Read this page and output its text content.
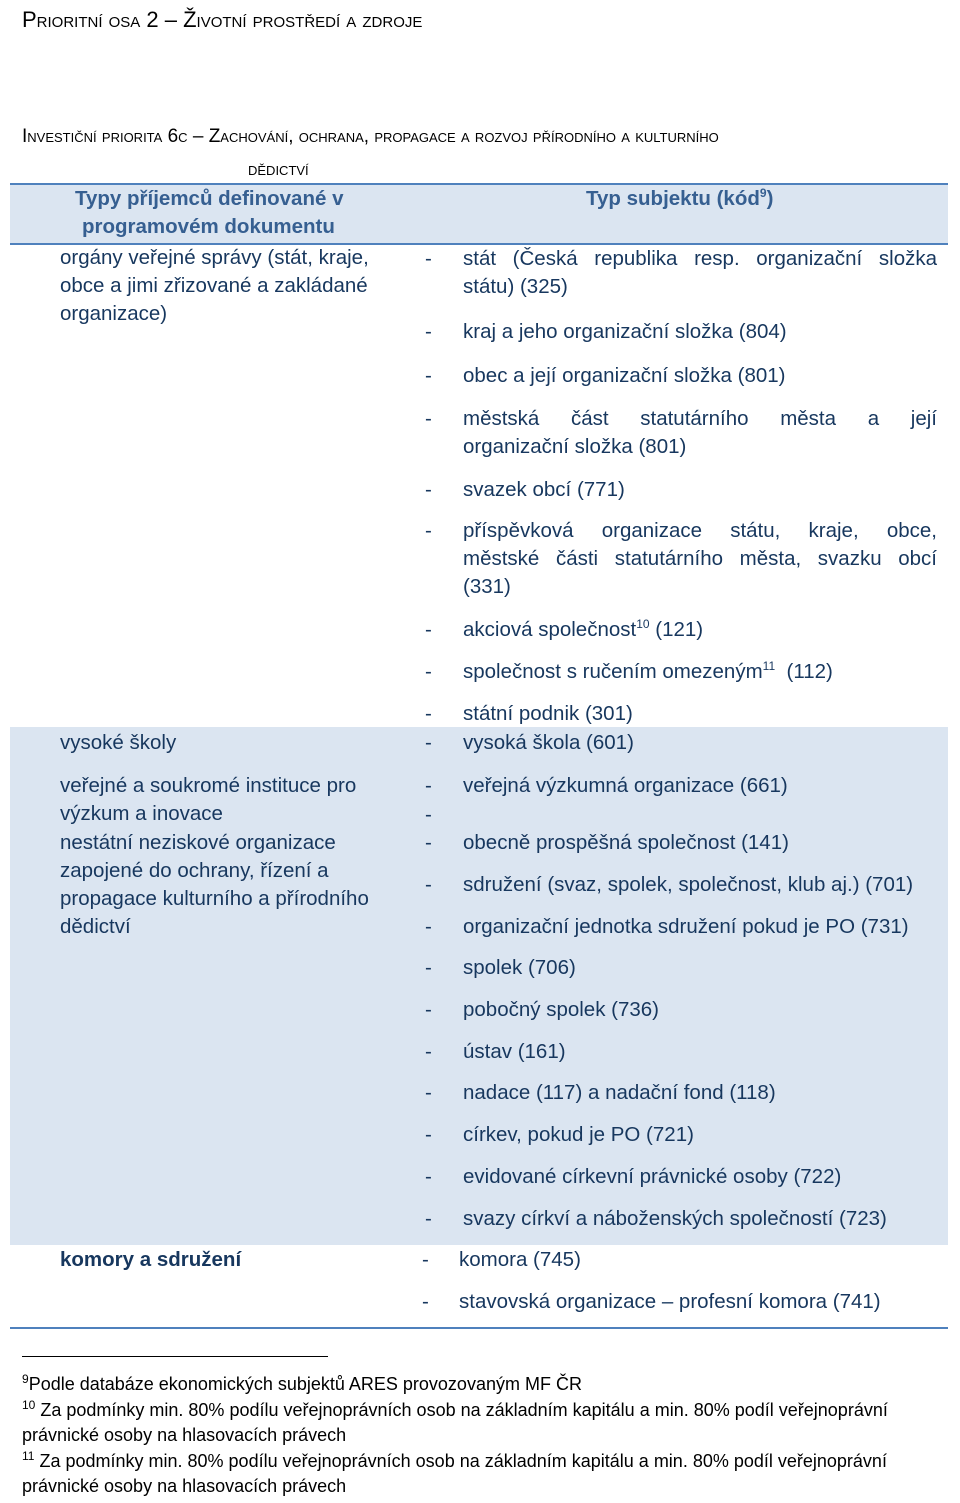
Prioritní osa 2 – Životní prostředí a zdroje
Investiční priorita 6c – Zachování, ochrana, propagace a rozvoj přírodního a kulturního
dědictví
Typy příjemců definované v
programovém dokumentu
Typ subjektu (kód$^9$)
orgány veřejné správy (stát, kraje,
obce a jimi zřizované a zakládané
organizace)
- stát (Česká republika resp. organizační složka
státu) (325)
- kraj a jeho organizační složka (804)
- obec a její organizační složka (801)
- městská část statutárního města a její
organizační složka (801)
- svazek obcí (771)
- příspěvková organizace státu, kraje, obce,
městské části statutárního města, svazku obcí
(331)
- akciová společnost$^{10}$ (121)
- společnost s ručením omezeným$^{11}$  (112)
- státní podnik (301)
vysoké školy	- vysoká škola (601)
veřejné a soukromé instituce pro
výzkum a inovace
- veřejná výzkumná organizace (661)
-
nestátní neziskové organizace
zapojené do ochrany, řízení a
propagace kulturního a přírodního
dědictví
- obecně prospěšná společnost (141)
- sdružení (svaz, spolek, společnost, klub aj.) (701)
- organizační jednotka sdružení pokud je PO (731)
- spolek (706)
- pobočný spolek (736)
- ústav (161)
- nadace (117) a nadační fond (118)
- církev, pokud je PO (721)
- evidované církevní právnické osoby (722)
- svazy církví a náboženských společností (723)
komory a sdružení	- komora (745)
- stavovská organizace – profesní komora (741)
$^9$Podle databáze ekonomických subjektů ARES provozovaným MF ČR
$^{10}$ Za podmínky min. 80% podílu veřejnoprávních osob na základním kapitálu a min. 80% podíl veřejnoprávní
právnické osoby na hlasovacích právech
$^{11}$ Za podmínky min. 80% podílu veřejnoprávních osob na základním kapitálu a min. 80% podíl veřejnoprávní
právnické osoby na hlasovacích právech
